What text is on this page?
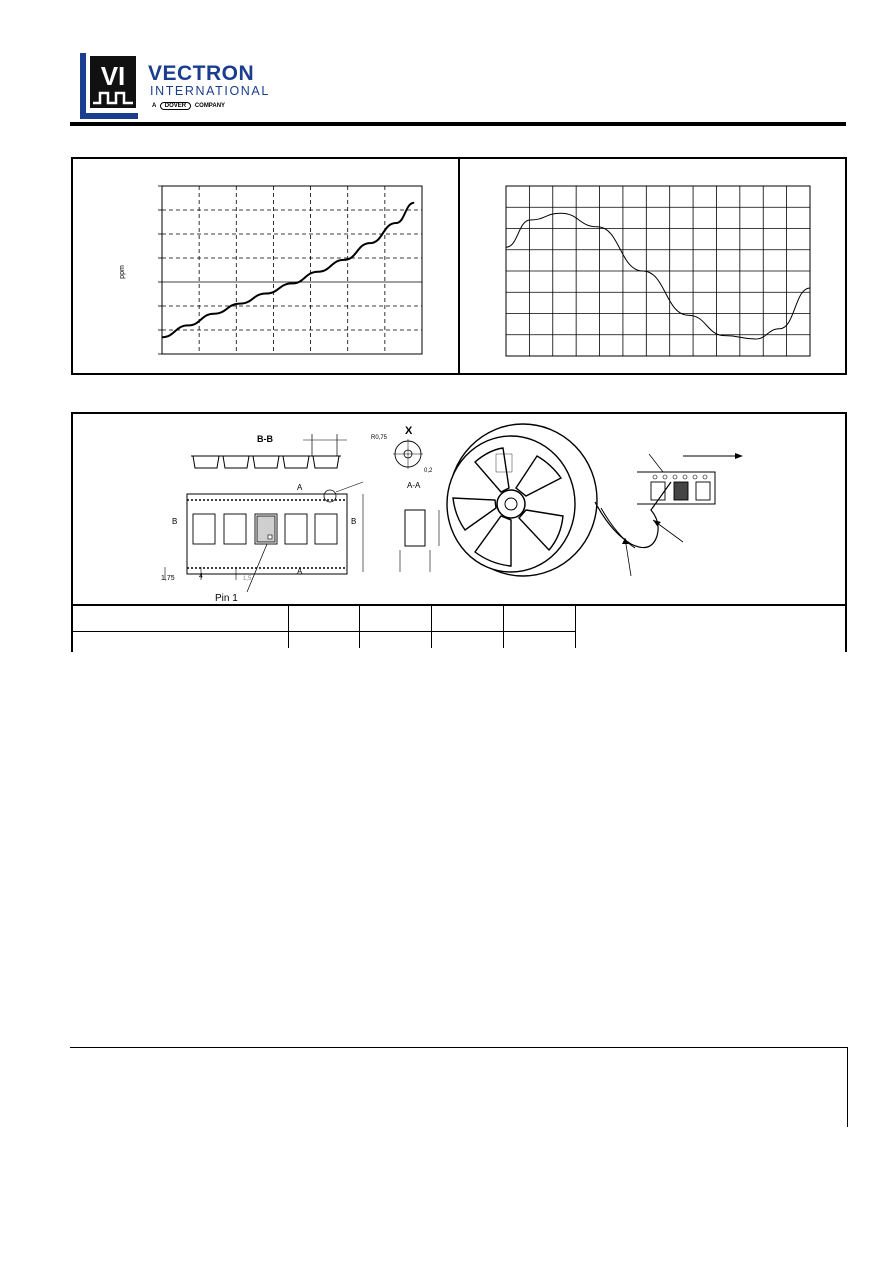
VI VECTRON
INTERNATIONAL
A DOVER COMPANY
ppm
B-B
A
A
B	B
1,75	4	1,5
Pin 1
X
R0,75
0,2
A-A
